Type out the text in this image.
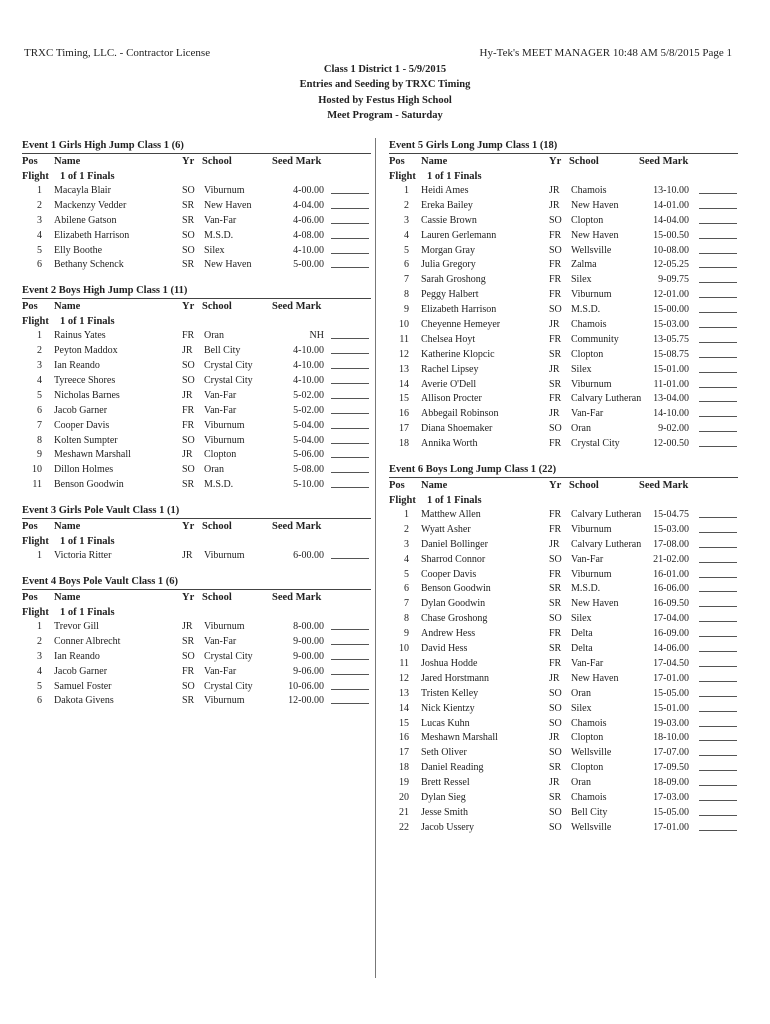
TRXC Timing, LLC. - Contractor License	Hy-Tek's MEET MANAGER 10:48 AM 5/8/2015 Page 1
Class 1 District 1 - 5/9/2015
Entries and Seeding by TRXC Timing
Hosted by Festus High School
Meet Program - Saturday
Event 1 Girls High Jump Class 1 (6)
Pos Name	Yr School	Seed Mark
Flight 1 of 1 Finals
1 Macayla Blair	SO Viburnum	4-00.00
2 Mackenzy Vedder	SR New Haven	4-04.00
3 Abilene Gatson	SR Van-Far	4-06.00
4 Elizabeth Harrison	SO M.S.D.	4-08.00
5 Elly Boothe	SO Silex	4-10.00
6 Bethany Schenck	SR New Haven	5-00.00
Event 2 Boys High Jump Class 1 (11)
Pos Name	Yr School	Seed Mark
Flight 1 of 1 Finals
1 Rainus Yates	FR Oran	NH
2 Peyton Maddox	JR Bell City	4-10.00
3 Ian Reando	SO Crystal City	4-10.00
4 Tyreece Shores	SO Crystal City	4-10.00
5 Nicholas Barnes	JR Van-Far	5-02.00
6 Jacob Garner	FR Van-Far	5-02.00
7 Cooper Davis	FR Viburnum	5-04.00
8 Kolten Sumpter	SO Viburnum	5-04.00
9 Meshawn Marshall	JR Clopton	5-06.00
10 Dillon Holmes	SO Oran	5-08.00
11 Benson Goodwin	SR M.S.D.	5-10.00
Event 3 Girls Pole Vault Class 1 (1)
Pos Name	Yr School	Seed Mark
Flight 1 of 1 Finals
1 Victoria Ritter	JR Viburnum	6-00.00
Event 4 Boys Pole Vault Class 1 (6)
Pos Name	Yr School	Seed Mark
Flight 1 of 1 Finals
1 Trevor Gill	JR Viburnum	8-00.00
2 Conner Albrecht	SR Van-Far	9-00.00
3 Ian Reando	SO Crystal City	9-00.00
4 Jacob Garner	FR Van-Far	9-06.00
5 Samuel Foster	SO Crystal City	10-06.00
6 Dakota Givens	SR Viburnum	12-00.00
Event 5 Girls Long Jump Class 1 (18)
Pos Name	Yr School	Seed Mark
Flight 1 of 1 Finals
1 Heidi Ames	JR Chamois	13-10.00
2 Ereka Bailey	JR New Haven	14-01.00
3 Cassie Brown	SO Clopton	14-04.00
4 Lauren Gerlemann	FR New Haven	15-00.50
5 Morgan Gray	SO Wellsville	10-08.00
6 Julia Gregory	FR Zalma	12-05.25
7 Sarah Groshong	FR Silex	9-09.75
8 Peggy Halbert	FR Viburnum	12-01.00
9 Elizabeth Harrison	SO M.S.D.	15-00.00
10 Cheyenne Hemeyer	JR Chamois	15-03.00
11 Chelsea Hoyt	FR Community	13-05.75
12 Katherine Klopcic	SR Clopton	15-08.75
13 Rachel Lipsey	JR Silex	15-01.00
14 Averie O'Dell	SR Viburnum	11-01.00
15 Allison Procter	FR Calvary Lutheran	13-04.00
16 Abbegail Robinson	JR Van-Far	14-10.00
17 Diana Shoemaker	SO Oran	9-02.00
18 Annika Worth	FR Crystal City	12-00.50
Event 6 Boys Long Jump Class 1 (22)
Pos Name	Yr School	Seed Mark
Flight 1 of 1 Finals
1 Matthew Allen	FR Calvary Lutheran	15-04.75
2 Wyatt Asher	FR Viburnum	15-03.00
3 Daniel Bollinger	JR Calvary Lutheran	17-08.00
4 Sharrod Connor	SO Van-Far	21-02.00
5 Cooper Davis	FR Viburnum	16-01.00
6 Benson Goodwin	SR M.S.D.	16-06.00
7 Dylan Goodwin	SR New Haven	16-09.50
8 Chase Groshong	SO Silex	17-04.00
9 Andrew Hess	FR Delta	16-09.00
10 David Hess	SR Delta	14-06.00
11 Joshua Hodde	FR Van-Far	17-04.50
12 Jared Horstmann	JR New Haven	17-01.00
13 Tristen Kelley	SO Oran	15-05.00
14 Nick Kientzy	SO Silex	15-01.00
15 Lucas Kuhn	SO Chamois	19-03.00
16 Meshawn Marshall	JR Clopton	18-10.00
17 Seth Oliver	SO Wellsville	17-07.00
18 Daniel Reading	SR Clopton	17-09.50
19 Brett Ressel	JR Oran	18-09.00
20 Dylan Sieg	SR Chamois	17-03.00
21 Jesse Smith	SO Bell City	15-05.00
22 Jacob Ussery	SO Wellsville	17-01.00
